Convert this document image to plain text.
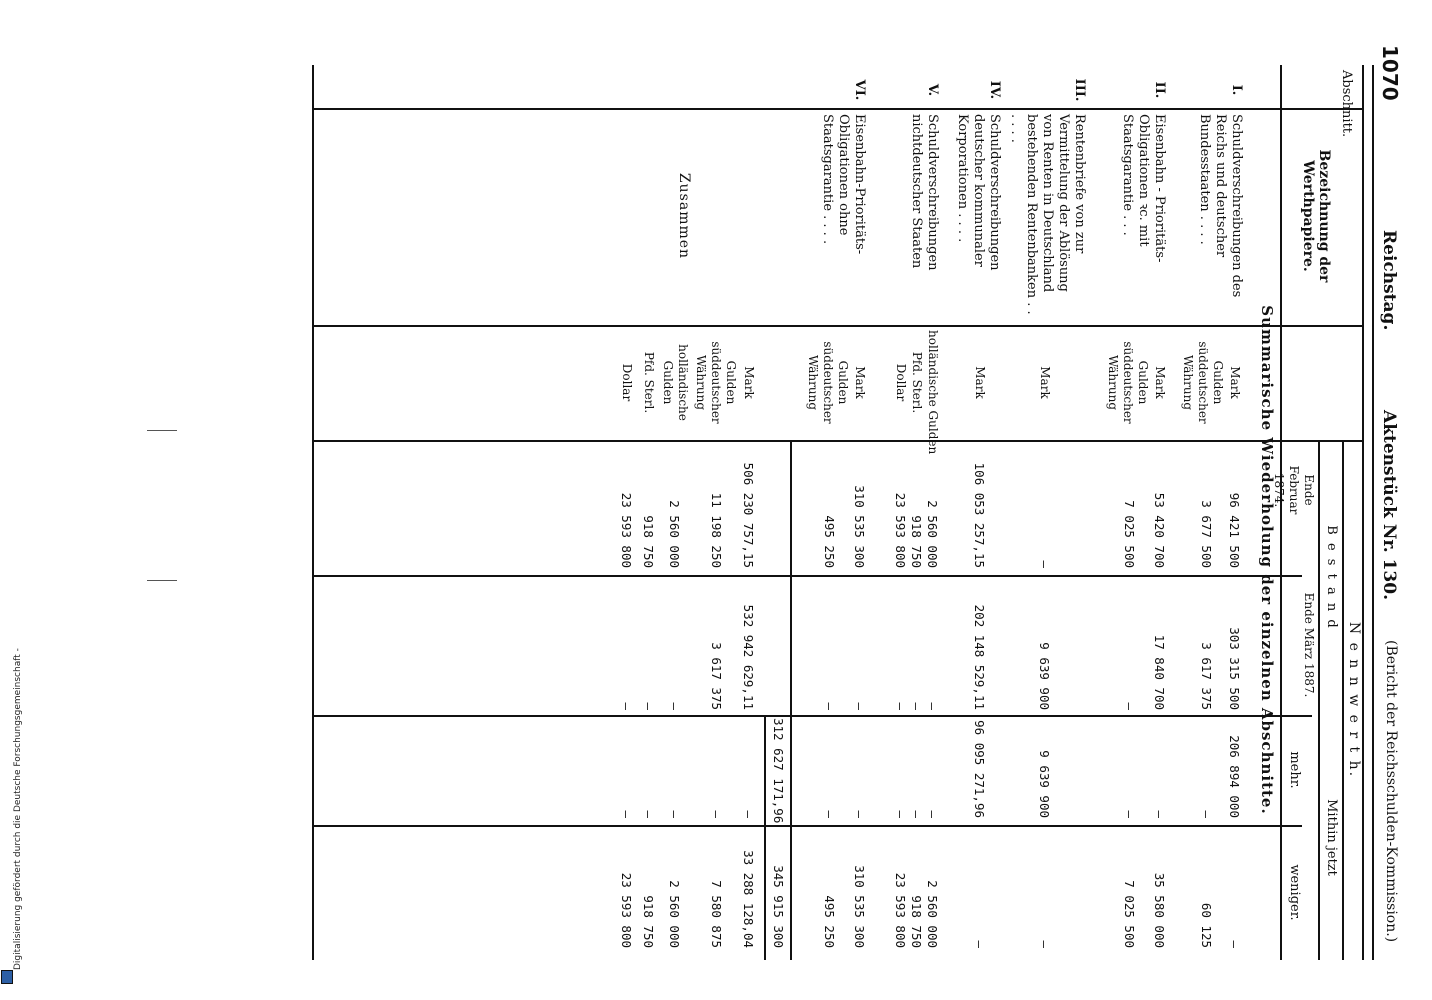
1070
Reichstag.
Aktenstück Nr. 130.
(Bericht der Reichsschulden-Kommission.)
Abschnitt.
Bezeichnung der Werthpapiere.
N e n n w e r t h.
B e s t a n d
Mithin jetzt
Ende Februar 1874.
Ende März 1887.
mehr.
weniger.
Summarische Wiederholung der einzelnen Abschnitte.
I.
Schuldverschreibungen des Reichs und deutscher Bundesstaaten . . . .
Mark
96 421 500
303 315 500
206 894 000
—
Gulden süddeutscher Währung
3 677 500
3 617 375
—
60 125
II.
Eisenbahn - Prioritäts-Obligationen ꝛc. mit Staatsgarantie . . .
Mark
53 420 700
17 840 700
—
35 580 000
Gulden süddeutscher Währung
7 025 500
—
—
7 025 500
III.
Rentenbriefe von zur Vermittelung der Ablösung von Renten in Deutschland bestehenden Rentenbanken . . . . . .
Mark
—
9 639 900
9 639 900
—
IV.
Schuldverschreibungen deutscher kommunaler Korporationen . . . .
Mark
106 053 257,15
202 148 529,11
96 095 271,96
—
V.
Schuldverschreibungen nichtdeutscher Staaten
holländische Gulden
2 560 000
—
—
2 560 000
Pfd. Sterl.
918 750
—
—
918 750
Dollar
23 593 800
—
—
23 593 800
VI.
Eisenbahn-Prioritäts-Obligationen ohne Staatsgarantie . . . .
Mark
310 535 300
—
—
310 535 300
Gulden süddeutscher Währung
495 250
—
—
495 250
312 627 171,96
345 915 300
Zusammen
Mark
506 230 757,15
532 942 629,11
—
33 288 128,04
Gulden süddeutscher Währung
11 198 250
3 617 375
—
7 580 875
holländische Gulden
2 560 000
—
—
2 560 000
Pfd. Sterl.
918 750
—
—
918 750
Dollar
23 593 800
—
—
23 593 800
Digitalisierung gefördert durch die Deutsche Forschungsgemeinschaft -
